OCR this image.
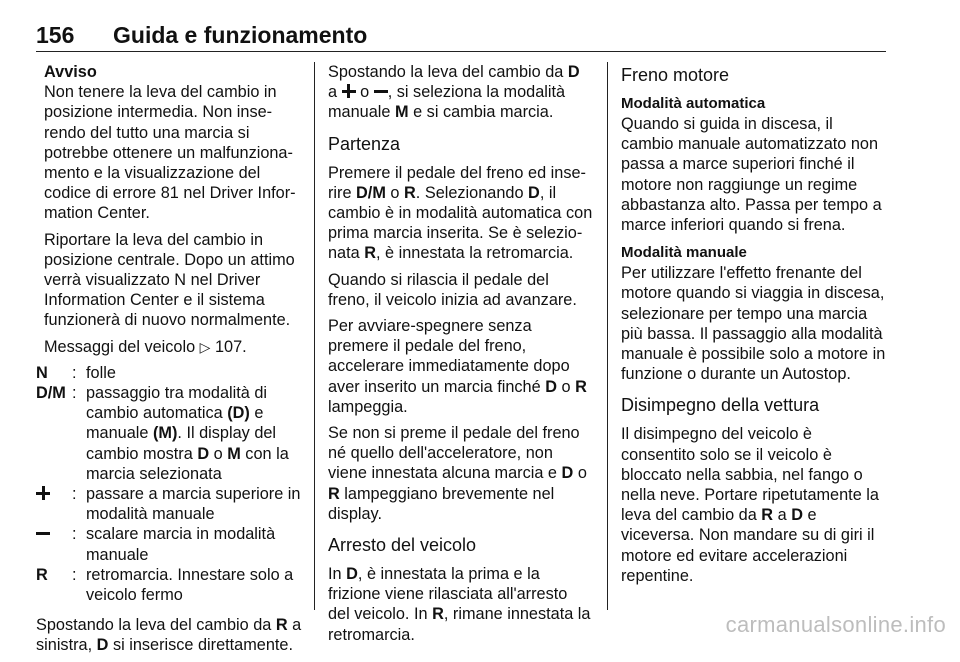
156 Guida e funzionamento

Avviso

Non tenere la leva del cambio in posizione intermedia. Non inserendo del tutto una marcia si potrebbe ottenere un malfunzionamento e la visualizzazione del codice di errore 81 nel Driver Information Center.

Riportare la leva del cambio in posizione centrale. Dopo un attimo verrà visualizzato N nel Driver Information Center e il sistema funzionerà di nuovo normalmente.

Messaggi del veicolo ▷ 107.

N	: folle
D/M : passaggio tra modalità di cambio automatica (D) e manuale (M). Il display del cambio mostra D o M con la marcia selezionata
: passare a marcia superiore in modalità manuale
: scalare marcia in modalità manuale
R	: retromarcia. Innestare solo a veicolo fermo

Spostando la leva del cambio da R a sinistra, D si inserisce direttamente.

Spostando la leva del cambio da D a o , si seleziona la modalità manuale M e si cambia marcia.

Partenza

Premere il pedale del freno ed inserire D/M o R. Selezionando D, il cambio è in modalità automatica con prima marcia inserita. Se è selezionata R, è innestata la retromarcia.

Quando si rilascia il pedale del freno, il veicolo inizia ad avanzare.

Per avviare-spegnere senza premere il pedale del freno, accelerare immediatamente dopo aver inserito un marcia finché D o R lampeggia.

Se non si preme il pedale del freno né quello dell'acceleratore, non viene innestata alcuna marcia e D o R lampeggiano brevemente nel display.

Arresto del veicolo

In D, è innestata la prima e la frizione viene rilasciata all'arresto del veicolo. In R, rimane innestata la retromarcia.

Freno motore
Modalità automatica

Quando si guida in discesa, il cambio manuale automatizzato non passa a marce superiori finché il motore non raggiunge un regime abbastanza alto. Passa per tempo a marce inferiori quando si frena.

Modalità manuale

Per utilizzare l'effetto frenante del motore quando si viaggia in discesa, selezionare per tempo una marcia più bassa. Il passaggio alla modalità manuale è possibile solo a motore in funzione o durante un Autostop.

Disimpegno della vettura

Il disimpegno del veicolo è consentito solo se il veicolo è bloccato nella sabbia, nel fango o nella neve. Portare ripetutamente la leva del cambio da R a D e viceversa. Non mandare su di giri il motore ed evitare accelerazioni repentine.

carmanualsonline.info
